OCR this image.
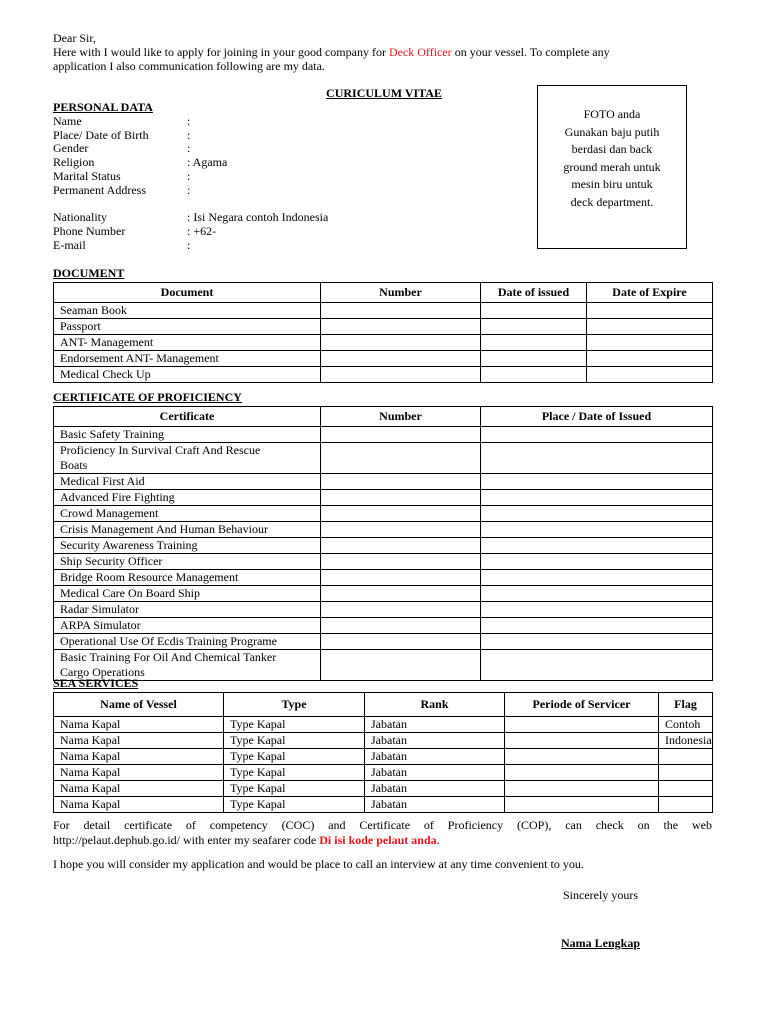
Dear Sir,
Here with I would like to apply for joining in your good company for Deck Officer on your vessel. To complete any
application I also communication following are my data.
CURICULUM VITAE
FOTO anda
Gunakan baju putih
berdasi dan back
ground merah untuk
mesin biru untuk
deck department.
PERSONAL DATA
Name	:
Place/ Date of Birth	:
Gender	:
Religion	: Agama
Marital Status	:
Permanent Address	:
Nationality	: Isi Negara contoh Indonesia
Phone Number	: +62-
E-mail	:
DOCUMENT
Document	Number	Date of issued	Date of Expire
Seaman Book			
Passport			
ANT- Management			
Endorsement ANT- Management			
Medical Check Up			
CERTIFICATE OF PROFICIENCY
Certificate	Number	Place / Date of Issued
Basic Safety Training		

Proficiency In Survival Craft And Rescue
Boats		

Medical First Aid		
Advanced Fire Fighting		
Crowd Management		
Crisis Management And Human Behaviour		
Security Awareness Training		
Ship Security Officer		
Bridge Room Resource Management		
Medical Care On Board Ship		
Radar Simulator		
ARPA Simulator		
Operational Use Of Ecdis Training Programe		

Basic Training For Oil And Chemical Tanker
Cargo Operations		

SEA SERVICES
Name of Vessel	Type	Rank	Periode of Servicer	Flag
Nama Kapal	Type Kapal	Jabatan		Contoh
Nama Kapal	Type Kapal	Jabatan		Indonesia
Nama Kapal	Type Kapal	Jabatan		
Nama Kapal	Type Kapal	Jabatan		
Nama Kapal	Type Kapal	Jabatan		
Nama Kapal	Type Kapal	Jabatan		
For detail certificate of competency (COC) and Certificate of Proficiency (COP), can check on the web
http://pelaut.dephub.go.id/ with enter my seafarer code Di isi kode pelaut anda.
I hope you will consider my application and would be place to call an interview at any time convenient to you.
Sincerely yours
Nama Lengkap
